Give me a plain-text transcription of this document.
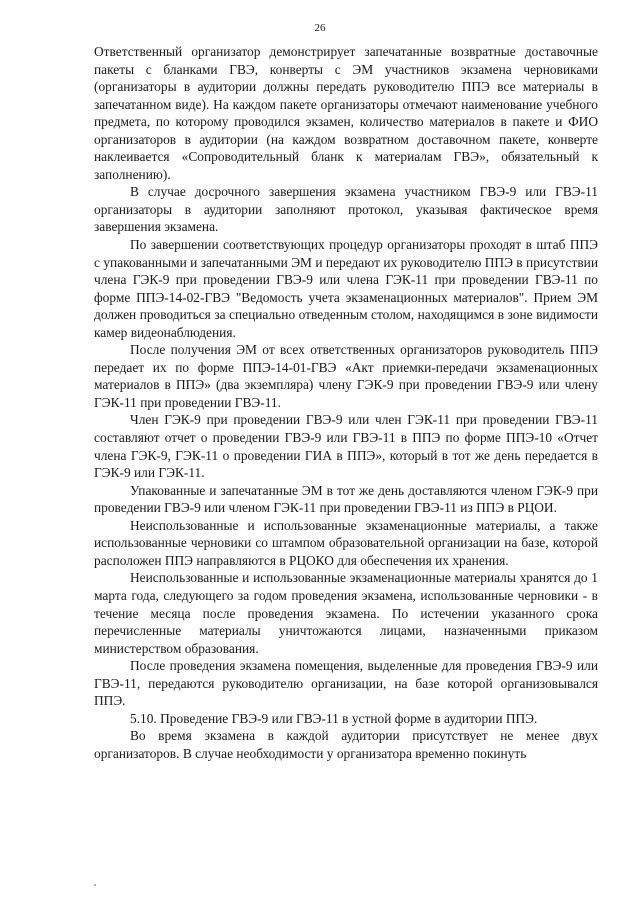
26

Ответственный организатор демонстрирует запечатанные возвратные доставочные пакеты с бланками ГВЭ, конверты с ЭМ участников экзамена черновиками (организаторы в аудитории должны передать руководителю ППЭ все материалы в запечатанном виде). На каждом пакете организаторы отмечают наименование учебного предмета, по которому проводился экзамен, количество материалов в пакете и ФИО организаторов в аудитории (на каждом возвратном доставочном пакете, конверте наклеивается «Сопроводительный бланк к материалам ГВЭ», обязательный к заполнению).

В случае досрочного завершения экзамена участником ГВЭ-9 или ГВЭ-11 организаторы в аудитории заполняют протокол, указывая фактическое время завершения экзамена.

По завершении соответствующих процедур организаторы проходят в штаб ППЭ с упакованными и запечатанными ЭМ и передают их руководителю ППЭ в присутствии члена ГЭК-9 при проведении ГВЭ-9 или члена ГЭК-11 при проведении ГВЭ-11 по форме ППЭ-14-02-ГВЭ "Ведомость учета экзаменационных материалов". Прием ЭМ должен проводиться за специально отведенным столом, находящимся в зоне видимости камер видеонаблюдения.

После получения ЭМ от всех ответственных организаторов руководитель ППЭ передает их по форме ППЭ-14-01-ГВЭ «Акт приемки-передачи экзаменационных материалов в ППЭ» (два экземпляра) члену ГЭК-9 при проведении ГВЭ-9 или члену ГЭК-11 при проведении ГВЭ-11.

Член ГЭК-9 при проведении ГВЭ-9 или член ГЭК-11 при проведении ГВЭ-11 составляют отчет о проведении ГВЭ-9 или ГВЭ-11 в ППЭ по форме ППЭ-10 «Отчет члена ГЭК-9, ГЭК-11 о проведении ГИА в ППЭ», который в тот же день передается в ГЭК-9 или ГЭК-11.

Упакованные и запечатанные ЭМ в тот же день доставляются членом ГЭК-9 при проведении ГВЭ-9 или членом ГЭК-11 при проведении ГВЭ-11 из ППЭ в РЦОИ.

Неиспользованные и использованные экзаменационные материалы, а также использованные черновики со штампом образовательной организации на базе, которой расположен ППЭ направляются в РЦОКО для обеспечения их хранения.

Неиспользованные и использованные экзаменационные материалы хранятся до 1 марта года, следующего за годом проведения экзамена, использованные черновики - в течение месяца после проведения экзамена. По истечении указанного срока перечисленные материалы уничтожаются лицами, назначенными приказом министерством образования.

После проведения экзамена помещения, выделенные для проведения ГВЭ-9 или ГВЭ-11, передаются руководителю организации, на базе которой организовывался ППЭ.

5.10. Проведение ГВЭ-9 или ГВЭ-11 в устной форме в аудитории ППЭ.

Во время экзамена в каждой аудитории присутствует не менее двух организаторов. В случае необходимости у организатора временно покинуть
